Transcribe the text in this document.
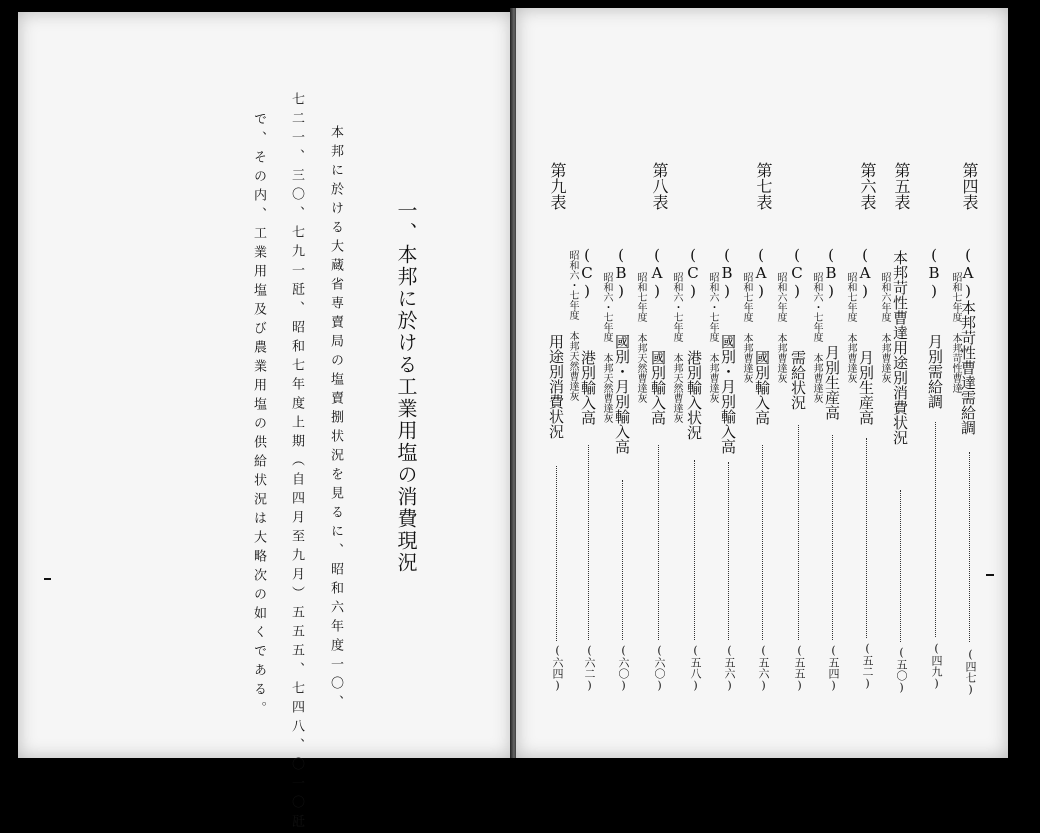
一、本邦に於ける工業用塩の消費現況
本邦に於ける大蔵省専賣局の塩賣捌状況を見るに、昭和六年度一〇、
七二一、三〇、七九一瓩、昭和七年度上期（自四月至九月）五五五、七四八、〇一〇瓩
で、その内、工業用塩及び農業用塩の供給状況は大略次の如くである。	第四表
(A)本邦苛性曹達需給調
(四七)
(B) 昭和七年度 本邦苛性曹達
月別需給調
(四九)
第五表
本邦苛性曹達用途別消費状況
(五〇)
第六表
(A) 昭和六年度 本邦曹達灰
月別生産高
(五二)
(B) 昭和七年度 本邦曹達灰
月別生産高
(五四)
(C) 昭和六・七年度 本邦曹達灰
需給状況
(五五)
第七表
(A) 昭和六年度 本邦曹達灰
國別輸入高
(五六)
(B) 昭和七年度 本邦曹達灰
國別・月別輸入高
(五六)
(C) 昭和六・七年度 本邦曹達灰
港別輸入状況
(五八)
第八表
(A) 昭和六・七年度 本邦天然曹達灰
國別輸入高
(六〇)
(B) 昭和七年度 本邦天然曹達灰
國別・月別輸入高
(六〇)
(C) 昭和六・七年度 本邦天然曹達灰
港別輸入高
(六二)
第九表
昭和六・七年度 本邦天然曹達灰
用途別消費状況
(六四)
